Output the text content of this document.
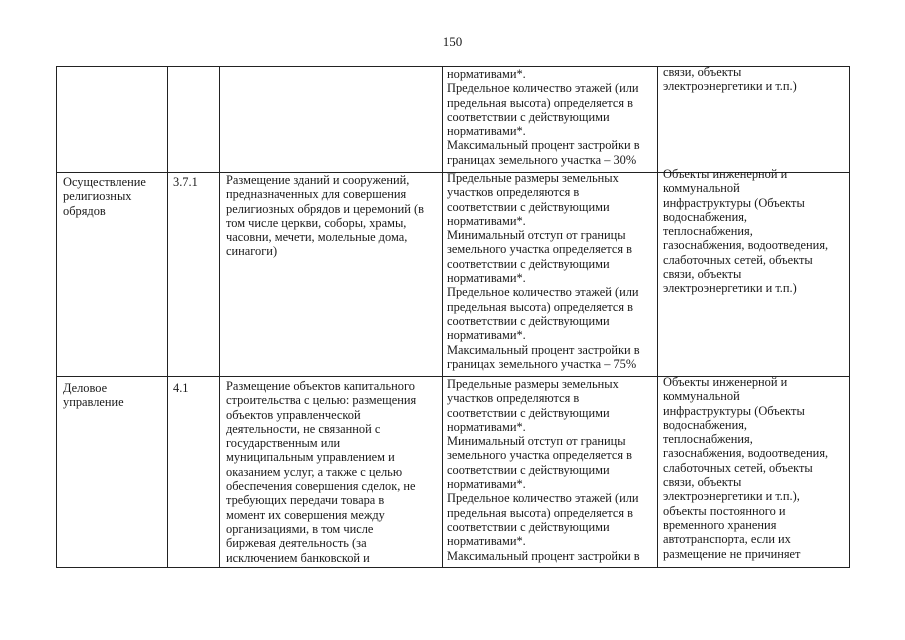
150
нормативами*.
Предельное количество этажей (или
предельная высота) определяется в
соответствии с действующими
нормативами*.
Максимальный процент застройки в
границах земельного участка – 30%
связи, объекты
электроэнергетики и т.п.)
Осуществление
религиозных
обрядов
3.7.1	Размещение зданий и сооружений,
предназначенных для совершения
религиозных обрядов и церемоний (в
том числе церкви, соборы, храмы,
часовни, мечети, молельные дома,
синагоги)
Предельные размеры земельных
участков определяются в
соответствии с действующими
нормативами*.
Минимальный отступ от границы
земельного участка определяется в
соответствии с действующими
нормативами*.
Предельное количество этажей (или
предельная высота) определяется в
соответствии с действующими
нормативами*.
Максимальный процент застройки в
границах земельного участка – 75%
Объекты инженерной и
коммунальной
инфраструктуры (Объекты
водоснабжения,
теплоснабжения,
газоснабжения, водоотведения,
слаботочных сетей, объекты
связи, объекты
электроэнергетики и т.п.)
Деловое
управление
4.1	Размещение объектов капитального
строительства с целью: размещения
объектов управленческой
деятельности, не связанной с
государственным или
муниципальным управлением и
оказанием услуг, а также с целью
обеспечения совершения сделок, не
требующих передачи товара в
момент их совершения между
организациями, в том числе
биржевая деятельность (за
исключением банковской и
Предельные размеры земельных
участков определяются в
соответствии с действующими
нормативами*.
Минимальный отступ от границы
земельного участка определяется в
соответствии с действующими
нормативами*.
Предельное количество этажей (или
предельная высота) определяется в
соответствии с действующими
нормативами*.
Максимальный процент застройки в
Объекты инженерной и
коммунальной
инфраструктуры (Объекты
водоснабжения,
теплоснабжения,
газоснабжения, водоотведения,
слаботочных сетей, объекты
связи, объекты
электроэнергетики и т.п.),
объекты постоянного и
временного хранения
автотранспорта, если их
размещение не причиняет
